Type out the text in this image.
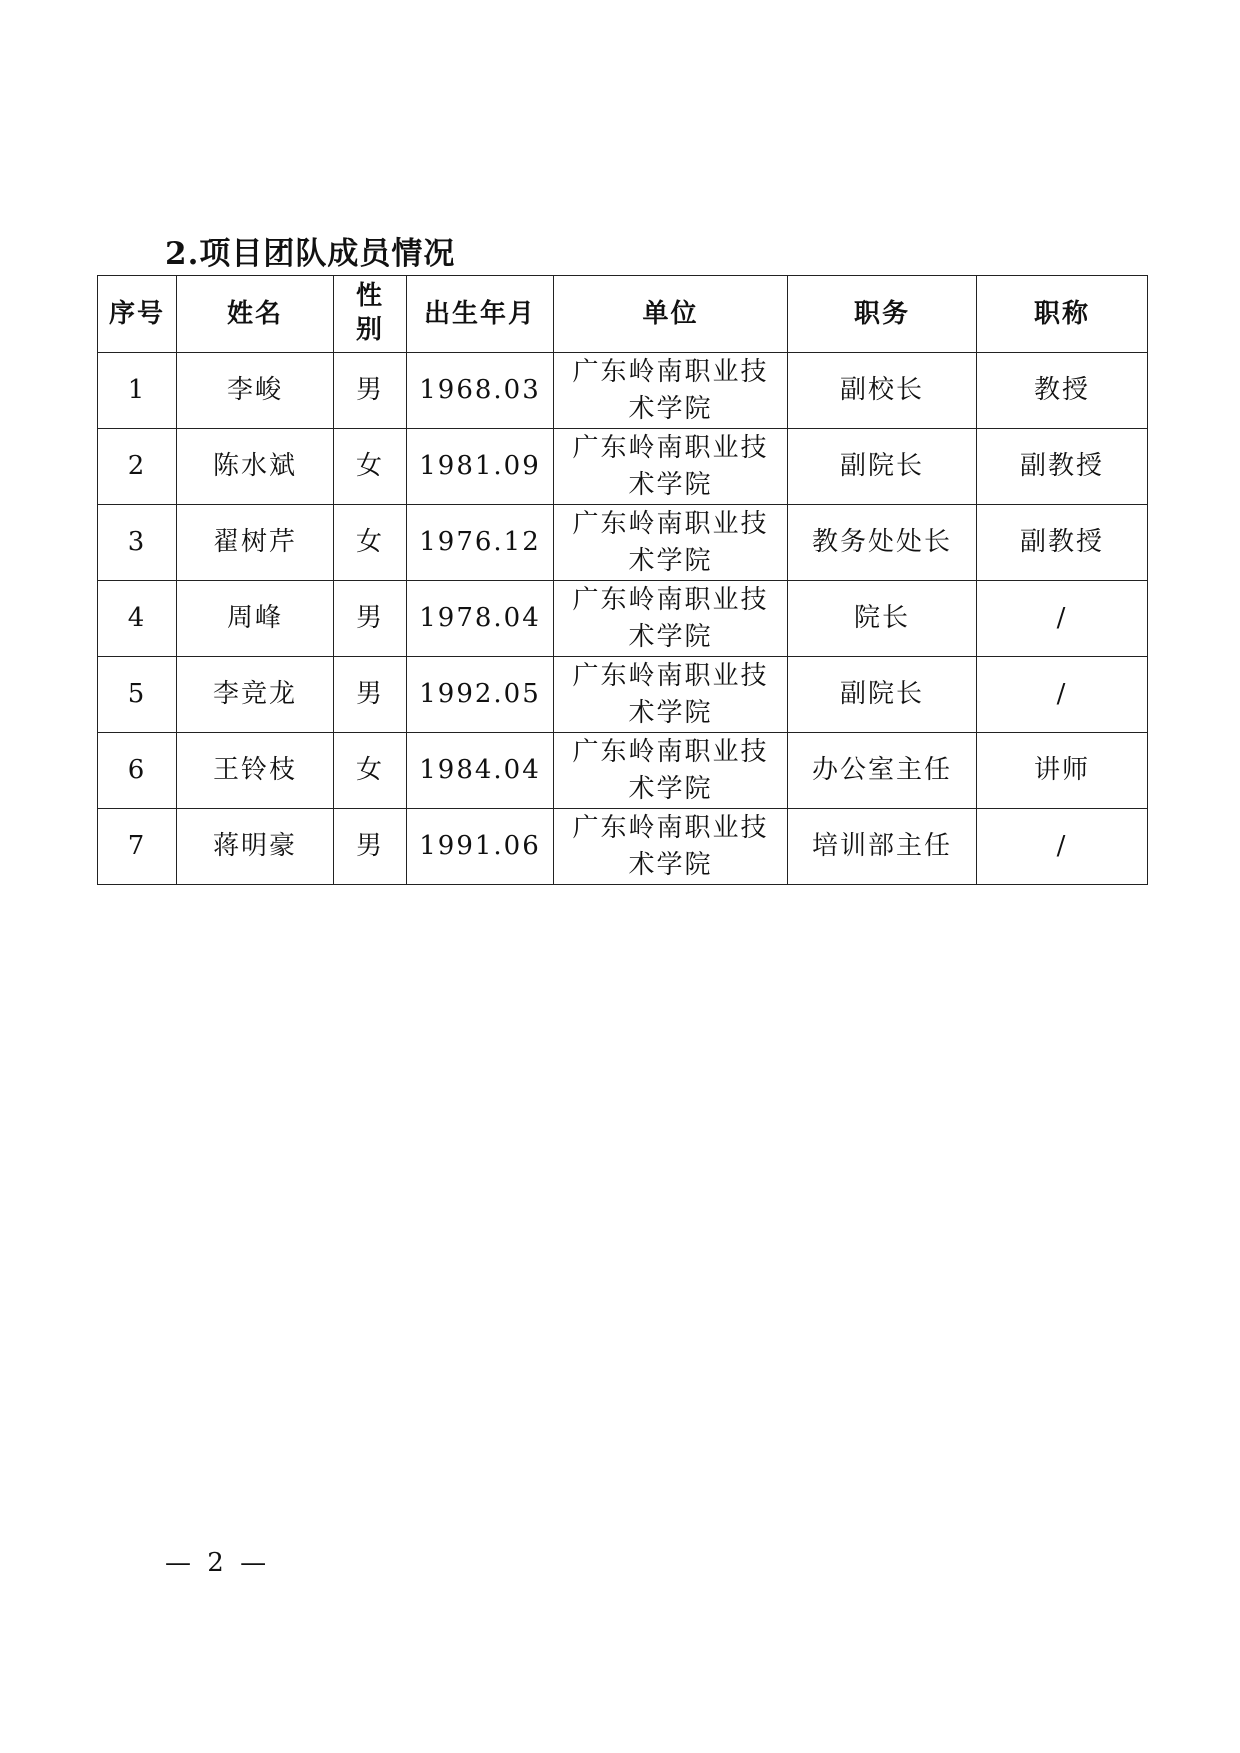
2.项目团队成员情况
序号	姓名	性别	出生年月	单位	职务	职称
1	李峻	男	1968.03	广东岭南职业技术学院	副校长	教授
2	陈水斌	女	1981.09	广东岭南职业技术学院	副院长	副教授
3	翟树芹	女	1976.12	广东岭南职业技术学院	教务处处长	副教授
4	周峰	男	1978.04	广东岭南职业技术学院	院长	/
5	李竞龙	男	1992.05	广东岭南职业技术学院	副院长	/
6	王铃枝	女	1984.04	广东岭南职业技术学院	办公室主任	讲师
7	蒋明豪	男	1991.06	广东岭南职业技术学院	培训部主任	/
— 2 —
